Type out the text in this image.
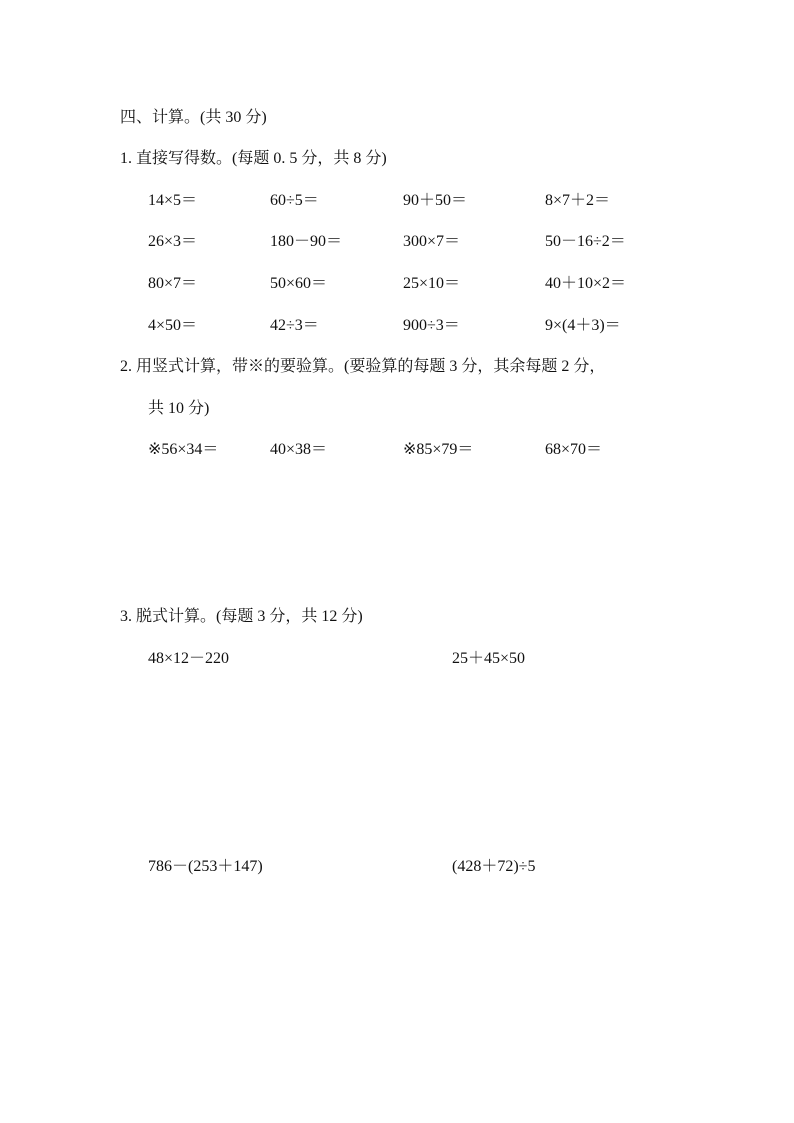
四、计算。(共 30 分)
1. 直接写得数。(每题 0. 5 分，共 8 分)
14×5＝	60÷5＝	90＋50＝	8×7＋2＝
26×3＝	180－90＝	300×7＝	50－16÷2＝
80×7＝	50×60＝	25×10＝	40＋10×2＝
4×50＝	42÷3＝	900÷3＝	9×(4＋3)＝
2. 用竖式计算，带※的要验算。(要验算的每题 3 分，其余每题 2 分，
共 10 分)
※56×34＝	40×38＝	※85×79＝	68×70＝
3. 脱式计算。(每题 3 分，共 12 分)
48×12－220	25＋45×50
786－(253＋147)	(428＋72)÷5
